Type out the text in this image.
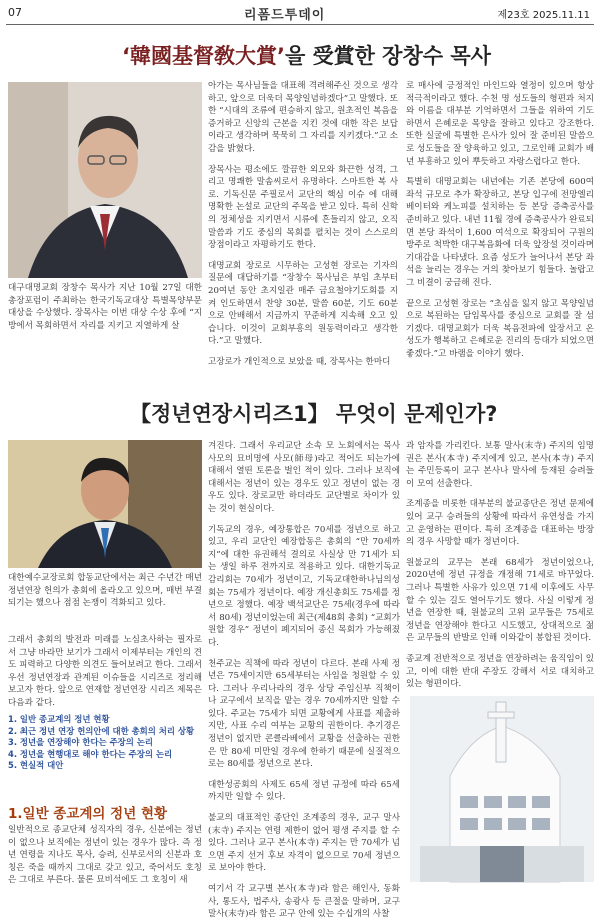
07	리폼드투데이	제23호 2025.11.11
‘韓國基督敎大賞’을 受賞한 장창수 목사
대구대명교회 장창수 목사가 지난 10월 27일 대한총장포럼이 주최하는 한국기독교대상 특별목양부문 대상을 수상했다. 장목사는 이번 대상 수상 후에 “지방에서 목회하면서 자리를 지키고 지열하게 살

아가는 목사님들을 대표해 격려해주신 것으로 생각하고, 앞으로 더욱더 목양일념하겠다”고 말했다. 또한 “시대의 조류에 편승하지 않고, 원초적인 복음을 증거하고 신앙의 근본을 지킨 것에 대한 작은 보답이라고 생각하며 묵묵히 그 자리를 지키겠다.”고 소감을 밝혔다.

장목사는 평소에도 깔끔한 외모와 화끈한 성격, 그리고 명쾌한 말솜씨로서 유명하다. 스마트한 복 사로. 기독신문 주필로서 교단의 핵심 이슈 에 대해 명확한 논설로 교단의 주목을 받고 있다. 특히 신학의 정체성을 지키면서 시류에 흔들리지 않고, 오직 말씀과 기도 중심의 목회를 펼치는 것이 스스로의 장점이라고 자평하기도 한다.

대명교회 장로로 시무하는 고성현 장로는 기자의 질문에 대답하기를 “장창수 목사님은 부임 초부터 20여년 동안 초지일관 매주 금요철야기도회를 지켜 인도하면서 찬양 30분, 말씀 60분, 기도 60분으로 안배해서 지금까지 꾸준하게 지속해 오고 있습니다. 이것이 교회부흥의 원동력이라고 생각한다.”고 말했다.

고장로가 개인적으로 보았을 때, 장목사는 한마디

로 매사에 긍정적인 마인드와 열정이 있으며 항상 적극적이라고 했다. 수천 명 성도들의 형편과 처지와 이름을 대부분 기억하면서 그들을 위하여 기도하면서 은혜로운 목양을 잘하고 있다고 강조한다. 또한 실굴에 특별한 은사가 있어 잘 준비된 말씀으로 성도들을 잘 양육하고 있고, 그로인해 교회가 배년 부흥하고 있어 뿌듯하고 자랑스럽다고 한다.

특별히 대명교회는 내년에는 기존 본당에 600여 좌석 규모로 추가 확장하고, 본당 입구에 전망엘리베이터와 케노피를 설치하는 등 본당 증축공사를 준비하고 있다. 내년 11월 경에 증축공사가 완료되면 본당 좌석이 1,600 여석으로 확장되어 구원의 방주로 척박한 대구복음화에 더욱 앞장설 것이라며 기대감을 나타냈다. 요즘 성도가 늘어나서 본당 좌석을 늘리는 경우는 거의 찾아보기 힘들다. 놀랍고 그 비결이 궁금해 진다.

끝으로 고성현 장로는 “초심을 잃지 않고 목양일념으로 복된하는 담임목사를 중심으로 교회를 잘 섬기겠다. 대명교회가 더욱 복음전파에 앞장서고 온 성도가 행복하고 은혜로운 진리의 등대가 되었으면 좋겠다.”고 바램을 이야기 했다.

【정년연장시리즈1】 무엇이 문제인가?
대한예수교장로회 합동교단에서는 최근 수년간 매년 정년연장 헌의가 총회에 올라오고 있으며, 매번 부결되기는 했으나 점점 논쟁이 격화되고 있다.

그래서 총회의 발전과 미래를 노심초사하는 필자로서 그냥 바라만 보기가 그래서 이제부터는 개인의 견도 피력하고 다양한 의견도 들어보려고 한다. 그래서 우선 정년연장과 관계된 이슈들을 시리즈로 정리해 보고자 한다. 앞으로 연재할 정년연장 시리즈 제목은 다음과 같다.

1. 일반 종교계의 정년 현황
2. 최근 정년 연장 헌의안에 대한 총회의 처리 상황
3. 정년을 연장해야 한다는 주장의 논리
4. 정년을 현행대로 해야 한다는 주장의 논리
5. 현실적 대안
1.일반 종교계의 정년 현황

일반적으로 종교단체 성직자의 경우, 신분에는 정년이 없으나 보직에는 정년이 있는 경우가 많다. 즉 정년 연령을 지나도 목사, 승려, 신부로서의 신분과 호칭은 죽을 때까지 그대로 갖고 있고, 죽어서도 호칭은 그대로 부른다. 물론 묘비석에도 그 호칭이 새

겨진다. 그래서 우리교단 소속 모 노회에서는 목사 사모의 묘비명에 사모(師母)라고 적어도 되는가에 대해서 열띤 토론을 벌인 적이 있다. 그러나 보직에 대해서는 정년이 있는 경우도 있고 정년이 없는 경우도 있다. 장로교만 하더라도 교단별로 차이가 있는 것이 현실이다.

기독교의 경우, 예장통합은 70세를 정년으로 하고 있고, 우리 교단인 예장합동은 총회의 “만 70세까지”에 대한 유권해석 결의로 사실상 만 71세가 되는 생일 하루 전까지로 적용하고 있다. 대한기독교감리회는 70세가 정년이고, 기독교대한하나님의성회는 75세가 정년이다. 예장 개신총회도 75세를 정년으로 정했다. 예장 백석교단은 75세(경우에 따라서 80세) 정년이었는데 최근(제48회 총회) “교회가 원할 경우” 정년이 폐지되어 종신 목회가 가능해졌다.

천주교는 직책에 따라 정년이 다르다. 본래 사제 정년은 75세이지만 65세부터는 사임을 청원할 수 있다. 그러나 우리나라의 경우 상당 주임신부 직책이나 교구에서 보직을 맡는 경우 70세까지만 일할 수 있다. 주교는 75세가 되면 교황에게 사표를 제출하지만, 사표 수리 여부는 교황의 권한이다. 추기경은 정년이 없지만 콘클라베에서 교황을 선출하는 권한은 만 80세 미만일 경우에 한하기 때문에 실질적으로는 80세를 정년으로 본다.

대한성공회의 사제도 65세 정년 규정에 따라 65세까지만 일할 수 있다.

불교의 대표적인 종단인 조계종의 경우, 교구 말사(末寺) 주지는 연령 제한이 없어 평생 주지를 할 수 있다. 그러나 교구 본사(本寺) 주지는 만 70세가 넘으면 주지 선거 후보 자격이 없으므로 70세 정년으로 보아야 한다.

여기서 각 교구별 본사(本寺)라 함은 해인사, 동화사, 통도사, 법주사, 송광사 등 큰절을 말하며, 교구 말사(末寺)라 함은 교구 안에 있는 수십개의 사찰

과 암자를 가리킨다. 보통 말사(末寺) 주지의 임명권은 본사(本寺) 주지에게 있고, 본사(本寺) 주지는 주민등록이 교구 본사나 말사에 등재된 승려들이 모여 선출한다.

조계종을 비롯한 대부분의 불교종단은 정년 문제에 있어 교구 승려들의 상황에 따라서 유연성을 가지고 운영하는 편이다. 특히 조계종을 대표하는 방장의 경우 사망할 때가 정년이다.

원불교의 교무는 본래 68세가 정년이었으나, 2020년에 정년 규정을 개정해 71세로 바꾸었다. 그러나 특별한 사유가 있으면 71세 이후에도 사무할 수 있는 길도 열어두기도 했다. 사실 이렇게 정년을 연장한 때, 원불교의 고위 교무들은 75세로 정년을 연장해야 한다고 시도했고, 상대적으로 젊은 교무들의 반발로 인해 이와같이 봉합된 것이다.

종교계 전반적으로 정년을 연장하려는 움직임이 있고, 이에 대한 반대 주장도 강해서 서로 대치하고 있는 형편이다.
